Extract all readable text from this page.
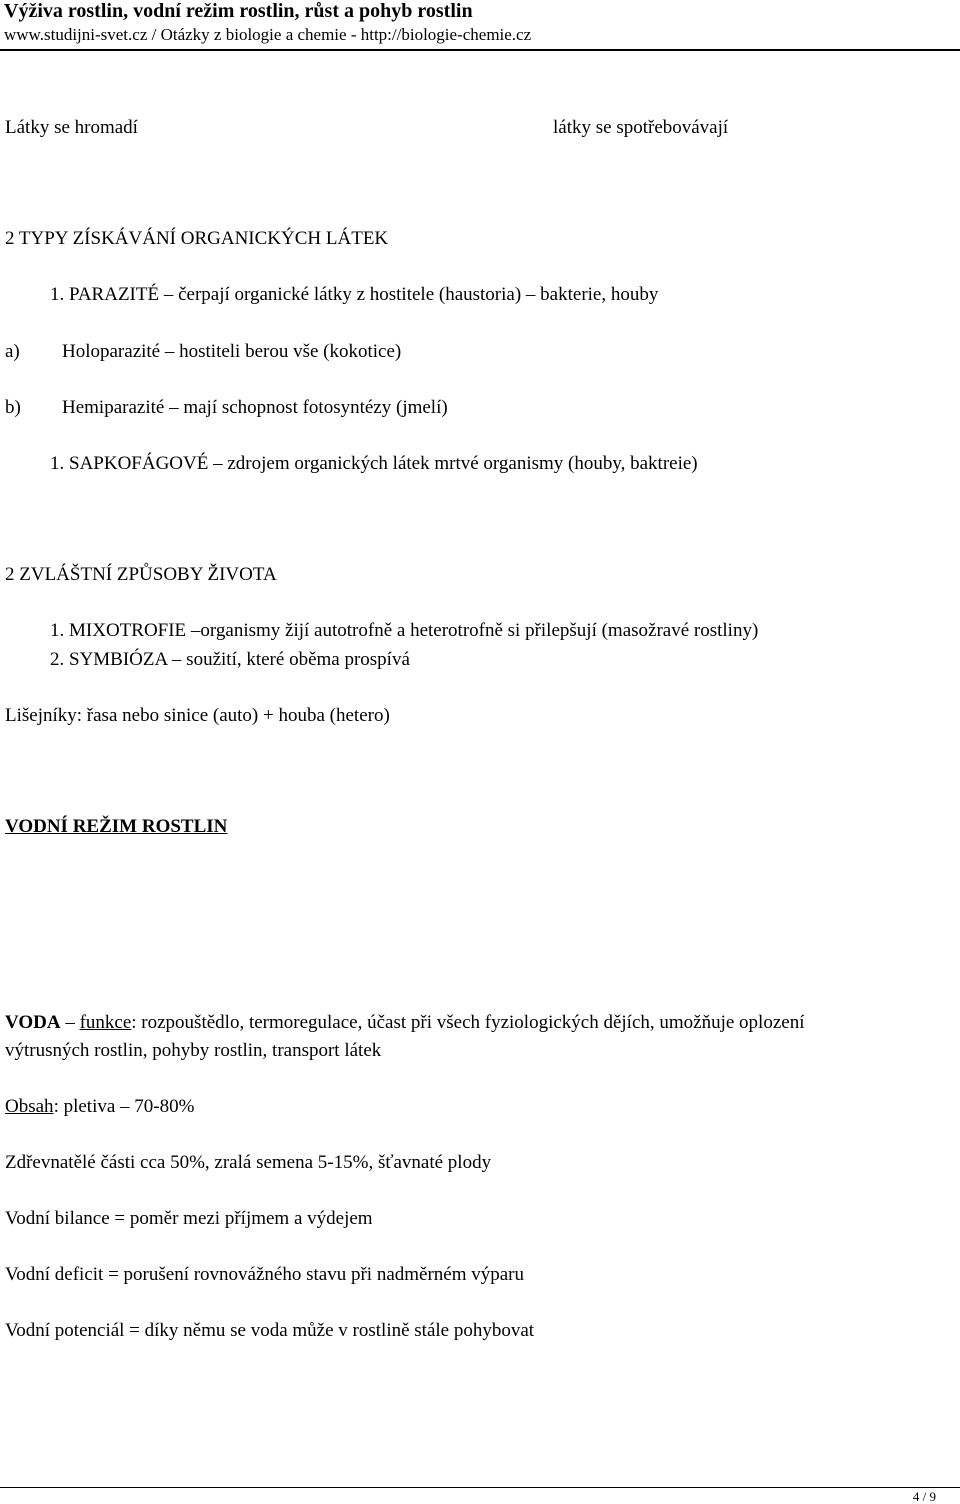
Výživa rostlin, vodní režim rostlin, růst a pohyb rostlin
www.studijni-svet.cz / Otázky z biologie a chemie - http://biologie-chemie.cz
Látky se hromadí	látky se spotřebovávají
2 TYPY ZÍSKÁVÁNÍ ORGANICKÝCH LÁTEK
1. PARAZITÉ – čerpají organické látky z hostitele (haustoria) – bakterie, houby
a) Holoparazité – hostiteli berou vše (kokotice)
b) Hemiparazité – mají schopnost fotosyntézy (jmelí)
1. SAPKOFÁGOVÉ – zdrojem organických látek mrtvé organismy (houby, baktreie)
2 ZVLÁŠTNÍ ZPŮSOBY ŽIVOTA
1. MIXOTROFIE –organismy žijí autotrofně a heterotrofně si přilepšují (masožravé rostliny)
2. SYMBIÓZA – soužití, které oběma prospívá
Lišejníky: řasa nebo sinice (auto) + houba (hetero)
VODNÍ REŽIM ROSTLIN
VODA – funkce: rozpouštědlo, termoregulace, účast při všech fyziologických dějích, umožňuje oplození
výtrusných rostlin, pohyby rostlin, transport látek
Obsah: pletiva – 70-80%
Zdřevnatělé části cca 50%, zralá semena 5-15%, šťavnaté plody
Vodní bilance = poměr mezi příjmem a výdejem
Vodní deficit = porušení rovnovážného stavu při nadměrném výparu
Vodní potenciál = díky němu se voda může v rostlině stále pohybovat
4 / 9
